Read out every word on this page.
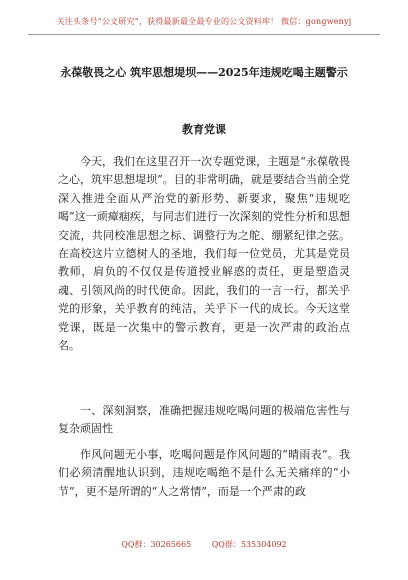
关注头条号“公文研究”，获得最新最全最专业的公文资料库！ 微信：gongwenyj
永葆敬畏之心 筑牢思想堤坝——2025年违规吃喝主题警示
教育党课
今天，我们在这里召开一次专题党课，主题是“永葆敬畏之心，筑牢思想堤坝”。目的非常明确，就是要结合当前全党深入推进全面从严治党的新形势、新要求，聚焦“违规吃喝”这一顽瘴痼疾，与同志们进行一次深刻的党性分析和思想交流，共同校准思想之标、调整行为之舵、绷紧纪律之弦。在高校这片立德树人的圣地，我们每一位党员，尤其是党员教师，肩负的不仅仅是传道授业解惑的责任，更是塑造灵魂、引领风尚的时代使命。因此，我们的一言一行，都关乎党的形象，关乎教育的纯洁，关乎下一代的成长。今天这堂党课，既是一次集中的警示教育，更是一次严肃的政治点名。
一、深刻洞察，准确把握违规吃喝问题的极端危害性与复杂顽固性
作风问题无小事，吃喝问题是作风问题的“晴雨表”。我们必须清醒地认识到，违规吃喝绝不是什么无关痛痒的“小节”，更不是所谓的“人之常情”，而是一个严肃的政
QQ群：30265665	QQ群：535304092
